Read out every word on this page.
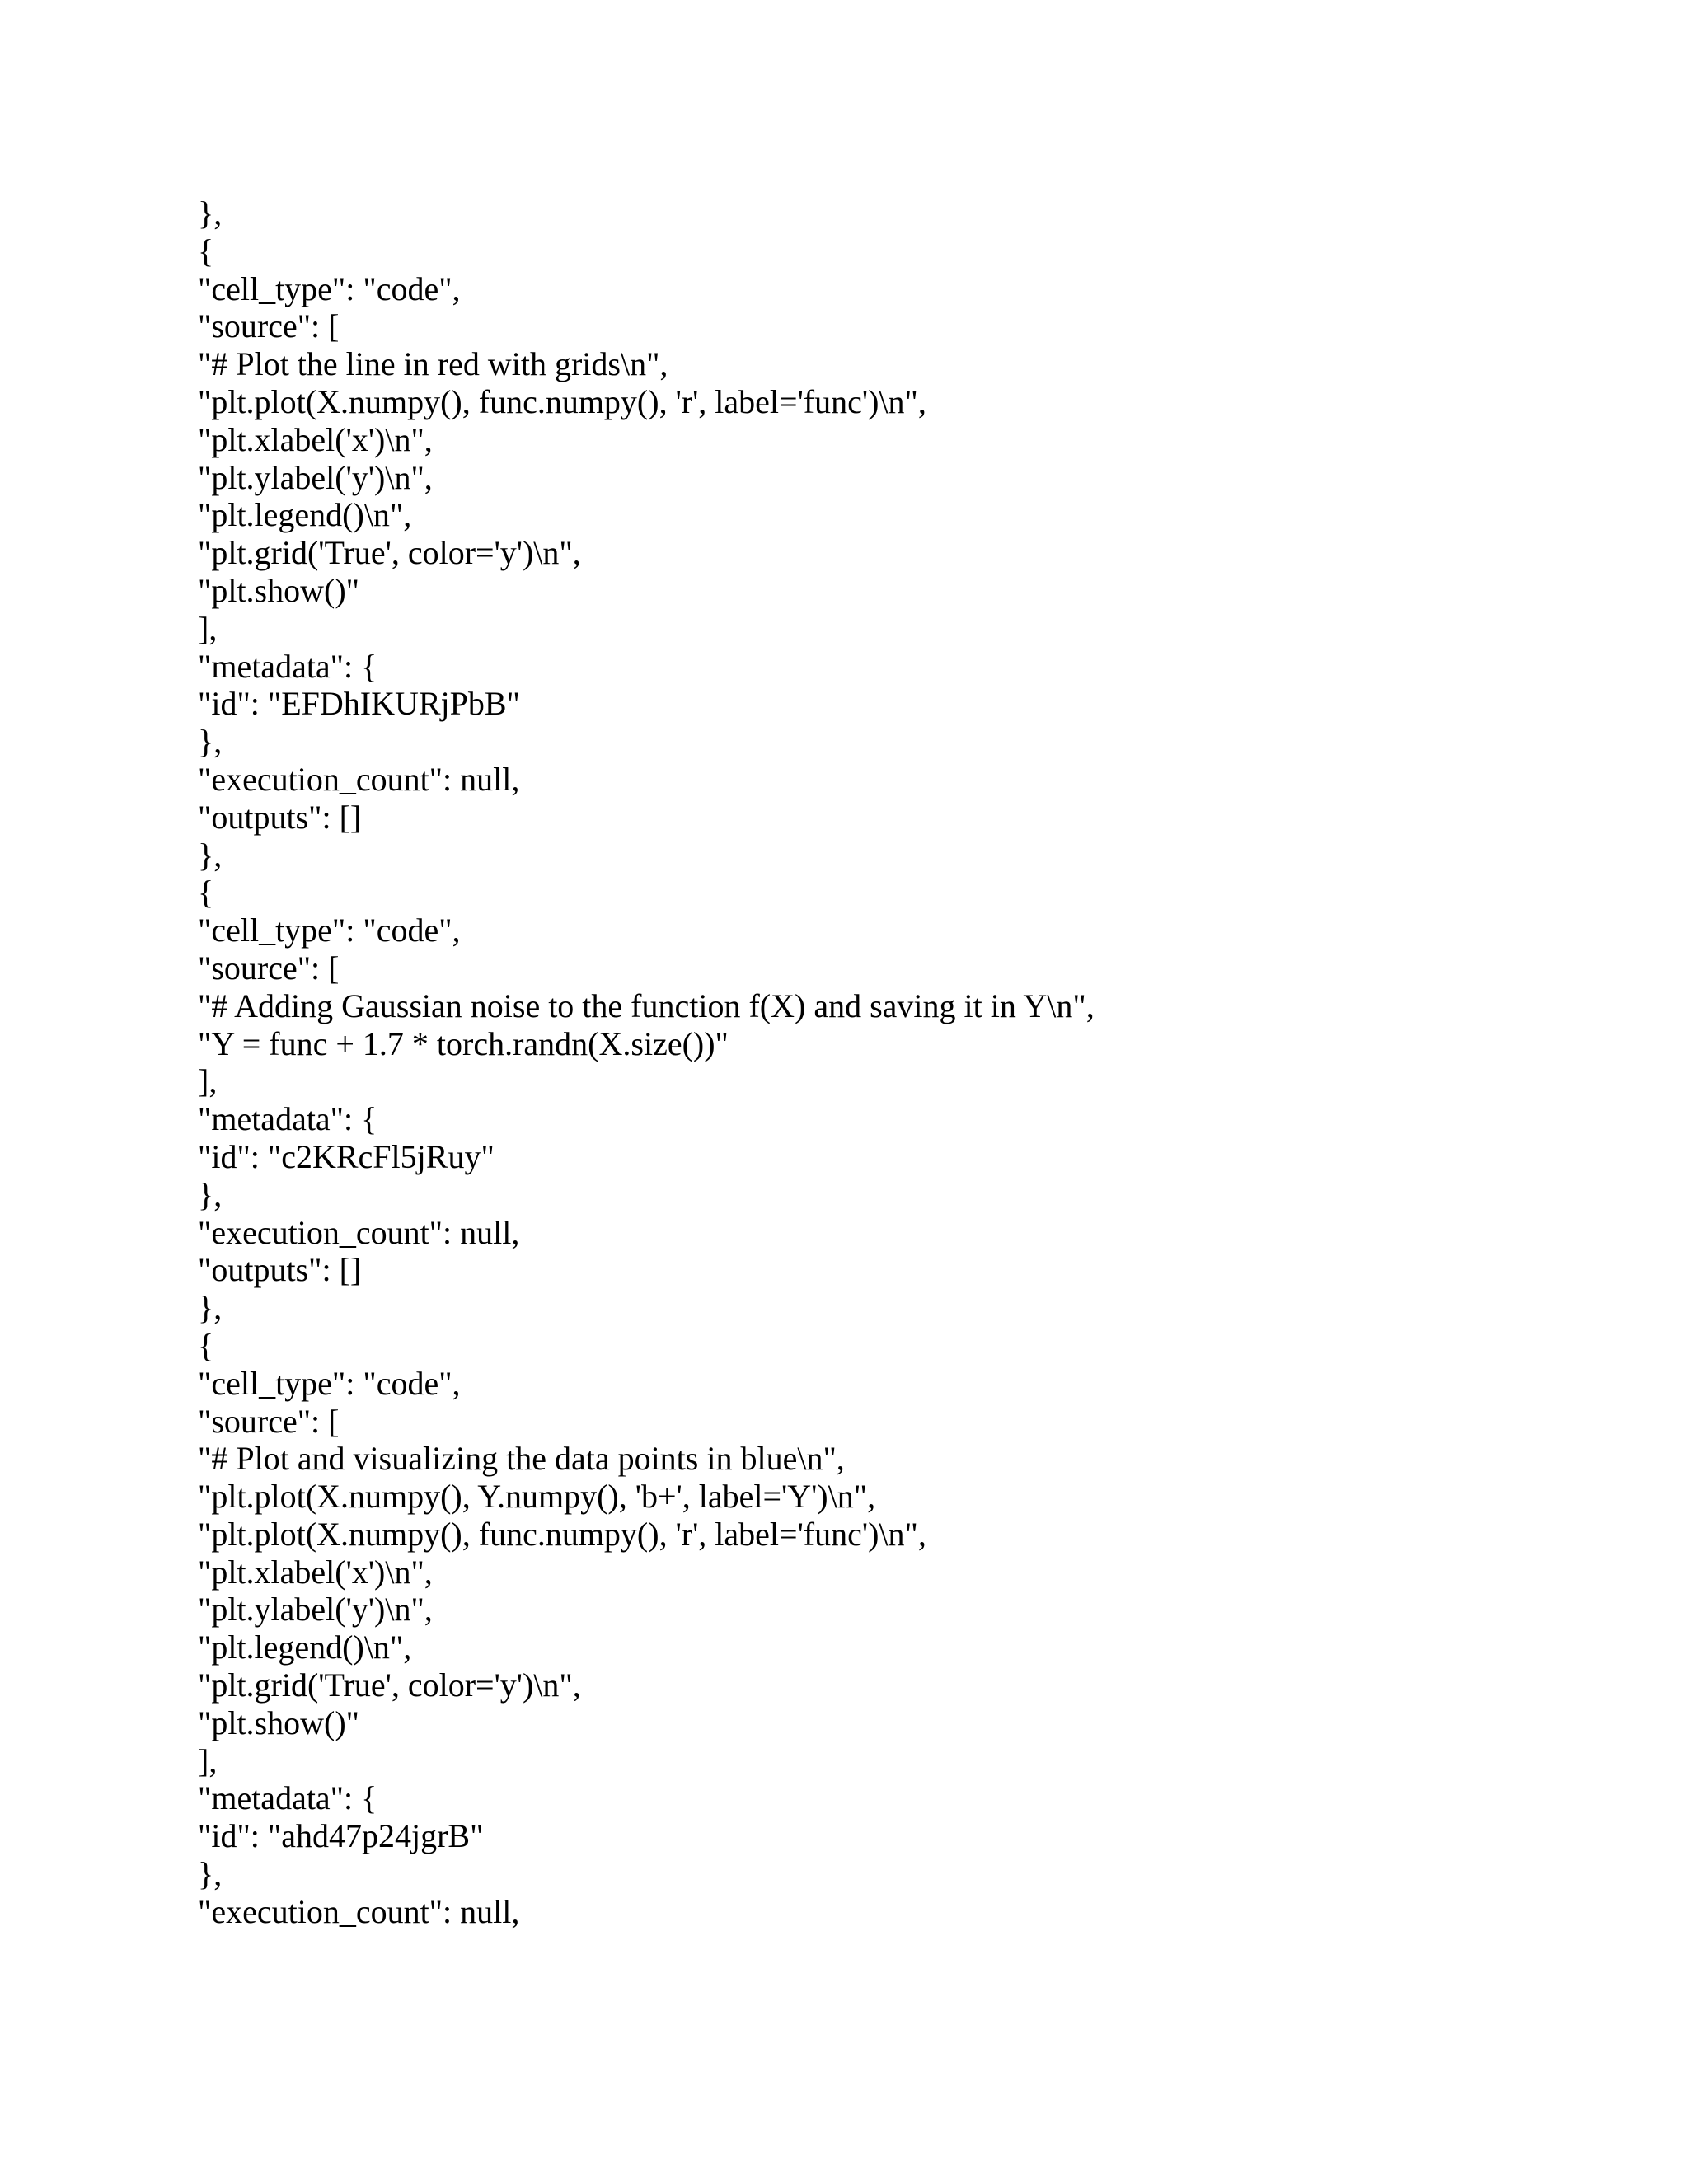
},
{
"cell_type": "code",
"source": [
"# Plot the line in red with grids\n",
"plt.plot(X.numpy(), func.numpy(), 'r', label='func')\n",
"plt.xlabel('x')\n",
"plt.ylabel('y')\n",
"plt.legend()\n",
"plt.grid('True', color='y')\n",
"plt.show()"
],
"metadata": {
"id": "EFDhIKURjPbB"
},
"execution_count": null,
"outputs": []
},
{
"cell_type": "code",
"source": [
"# Adding Gaussian noise to the function f(X) and saving it in Y\n",
"Y = func + 1.7 * torch.randn(X.size())"
],
"metadata": {
"id": "c2KRcFl5jRuy"
},
"execution_count": null,
"outputs": []
},
{
"cell_type": "code",
"source": [
"# Plot and visualizing the data points in blue\n",
"plt.plot(X.numpy(), Y.numpy(), 'b+', label='Y')\n",
"plt.plot(X.numpy(), func.numpy(), 'r', label='func')\n",
"plt.xlabel('x')\n",
"plt.ylabel('y')\n",
"plt.legend()\n",
"plt.grid('True', color='y')\n",
"plt.show()"
],
"metadata": {
"id": "ahd47p24jgrB"
},
"execution_count": null,
